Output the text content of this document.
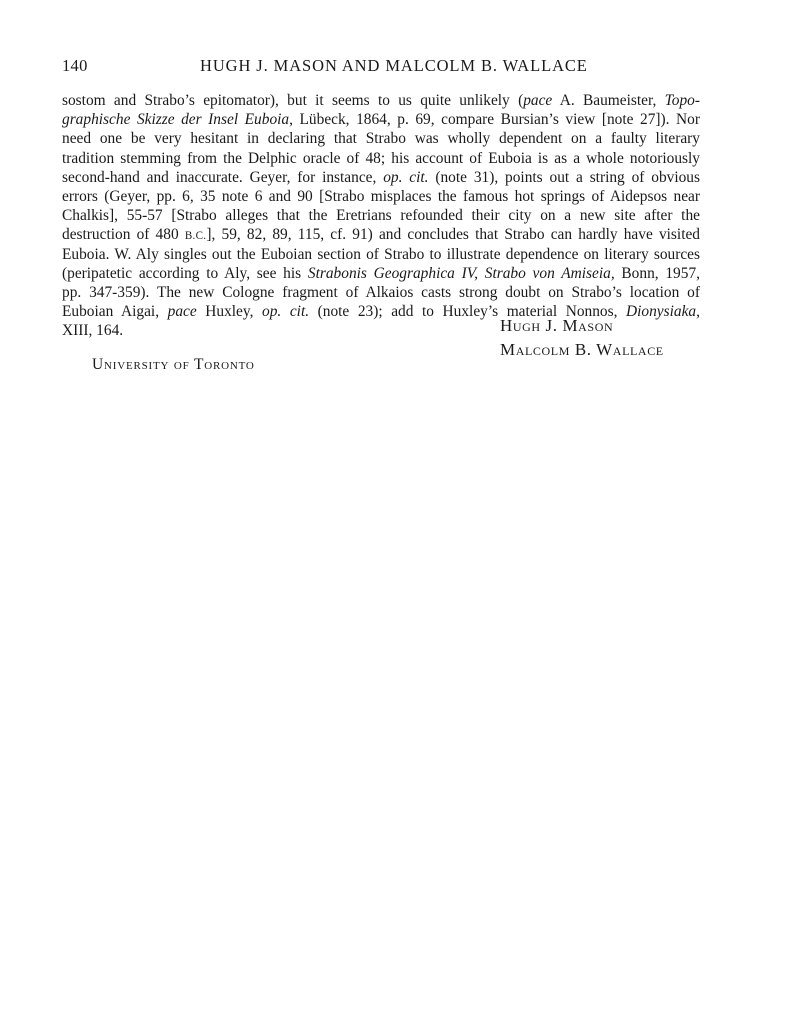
140	HUGH J. MASON AND MALCOLM B. WALLACE
sostom and Strabo’s epitomator), but it seems to us quite unlikely (pace A. Baumeister, Topo-
graphische Skizze der Insel Euboia, Lübeck, 1864, p. 69, compare Bursian’s view [note 27]). Nor
need one be very hesitant in declaring that Strabo was wholly dependent on a faulty literary
tradition stemming from the Delphic oracle of 48; his account of Euboia is as a whole notoriously
second-hand and inaccurate. Geyer, for instance, op. cit. (note 31), points out a string of obvious
errors (Geyer, pp. 6, 35 note 6 and 90 [Strabo misplaces the famous hot springs of Aidepsos near
Chalkis], 55-57 [Strabo alleges that the Eretrians refounded their city on a new site after the
destruction of 480 B.C.], 59, 82, 89, 115, cf. 91) and concludes that Strabo can hardly have visited
Euboia. W. Aly singles out the Euboian section of Strabo to illustrate dependence on literary sources
(peripatetic according to Aly, see his Strabonis Geographica IV, Strabo von Amiseia, Bonn, 1957,
pp. 347-359). The new Cologne fragment of Alkaios casts strong doubt on Strabo’s location of
Euboian Aigai, pace Huxley, op. cit. (note 23); add to Huxley’s material Nonnos, Dionysiaka,
XIII, 164.	Hugh J. Mason
Malcolm B. Wallace
University of Toronto
